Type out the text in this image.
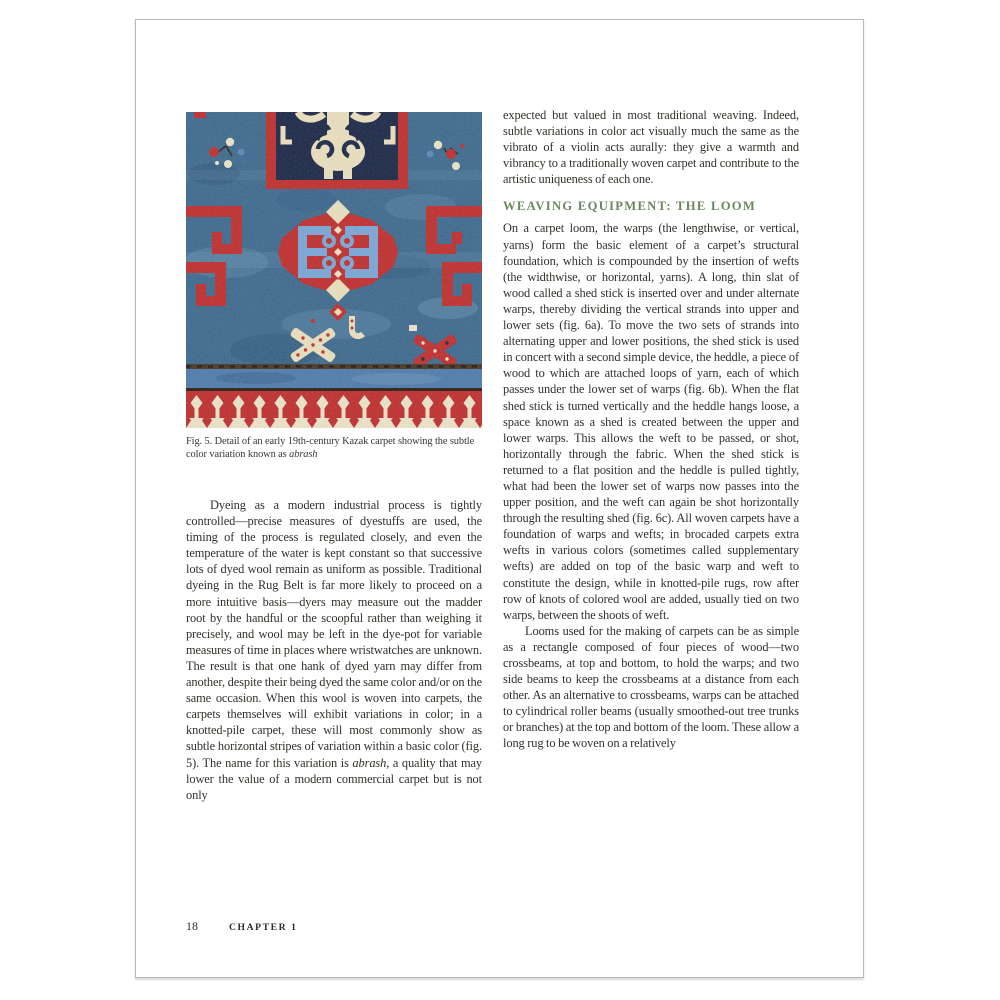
Fig. 5. Detail of an early 19th-century Kazak carpet showing the subtle color variation known as abrash

Dyeing as a modern industrial process is tightly controlled—precise measures of dyestuffs are used, the timing of the process is regulated closely, and even the temperature of the water is kept constant so that successive lots of dyed wool remain as uniform as possible. Traditional dyeing in the Rug Belt is far more likely to proceed on a more intuitive basis—dyers may measure out the madder root by the handful or the scoopful rather than weighing it precisely, and wool may be left in the dye-pot for variable measures of time in places where wristwatches are unknown. The result is that one hank of dyed yarn may differ from another, despite their being dyed the same color and/or on the same occasion. When this wool is woven into carpets, the carpets themselves will exhibit variations in color; in a knotted-pile carpet, these will most commonly show as subtle horizontal stripes of variation within a basic color (fig. 5). The name for this variation is abrash, a quality that may lower the value of a modern commercial carpet but is not only

expected but valued in most traditional weaving. Indeed, subtle variations in color act visually much the same as the vibrato of a violin acts aurally: they give a warmth and vibrancy to a traditionally woven carpet and contribute to the artistic uniqueness of each one.

WEAVING EQUIPMENT: THE LOOM

On a carpet loom, the warps (the lengthwise, or vertical, yarns) form the basic element of a carpet’s structural foundation, which is compounded by the insertion of wefts (the widthwise, or horizontal, yarns). A long, thin slat of wood called a shed stick is inserted over and under alternate warps, thereby dividing the vertical strands into upper and lower sets (fig. 6a). To move the two sets of strands into alternating upper and lower positions, the shed stick is used in concert with a second simple device, the heddle, a piece of wood to which are attached loops of yarn, each of which passes under the lower set of warps (fig. 6b). When the flat shed stick is turned vertically and the heddle hangs loose, a space known as a shed is created between the upper and lower warps. This allows the weft to be passed, or shot, horizontally through the fabric. When the shed stick is returned to a flat position and the heddle is pulled tightly, what had been the lower set of warps now passes into the upper position, and the weft can again be shot horizontally through the resulting shed (fig. 6c). All woven carpets have a foundation of warps and wefts; in brocaded carpets extra wefts in various colors (sometimes called supplementary wefts) are added on top of the basic warp and weft to constitute the design, while in knotted-pile rugs, row after row of knots of colored wool are added, usually tied on two warps, between the shoots of weft.

Looms used for the making of carpets can be as simple as a rectangle composed of four pieces of wood—two crossbeams, at top and bottom, to hold the warps; and two side beams to keep the crossbeams at a distance from each other. As an alternative to crossbeams, warps can be attached to cylindrical roller beams (usually smoothed-out tree trunks or branches) at the top and bottom of the loom. These allow a long rug to be woven on a relatively

18	CHAPTER 1
